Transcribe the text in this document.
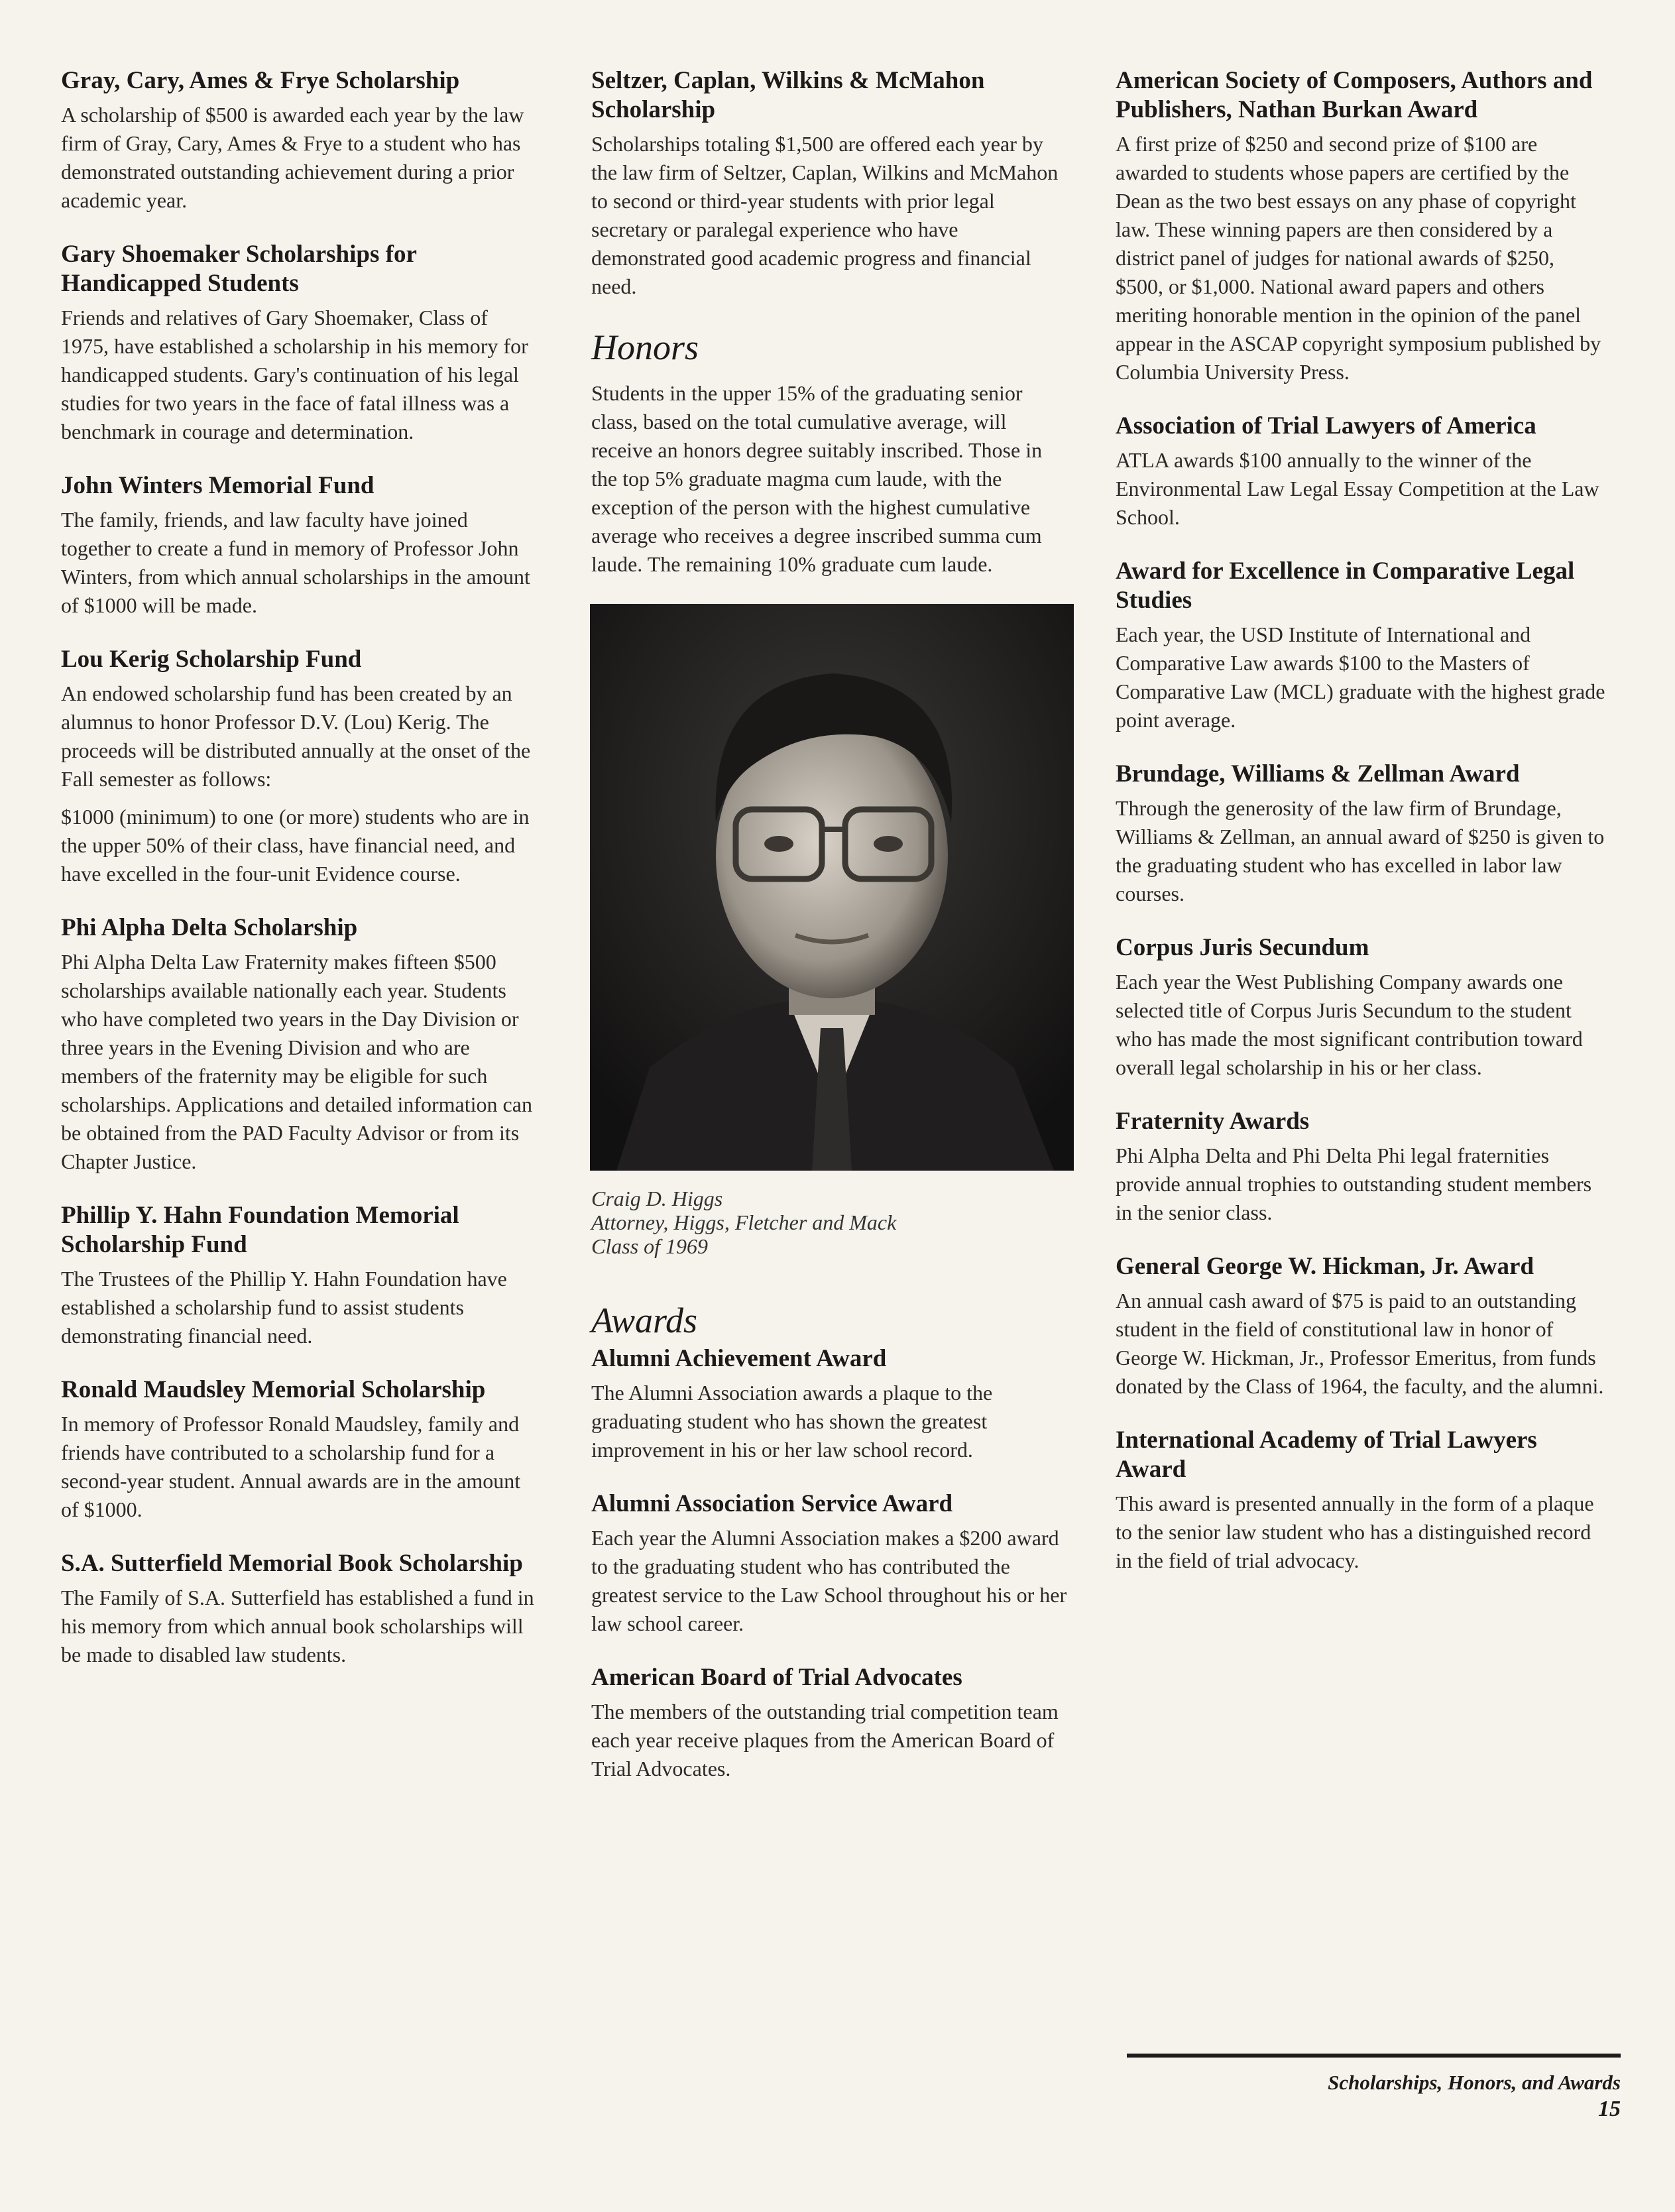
Gray, Cary, Ames & Frye Scholarship

A scholarship of $500 is awarded each year by the law firm of Gray, Cary, Ames & Frye to a student who has demonstrated outstanding achievement during a prior academic year.

Gary Shoemaker Scholarships for Handicapped Students

Friends and relatives of Gary Shoemaker, Class of 1975, have established a scholarship in his memory for handicapped students. Gary's continuation of his legal studies for two years in the face of fatal illness was a benchmark in courage and determination.

John Winters Memorial Fund

The family, friends, and law faculty have joined together to create a fund in memory of Professor John Winters, from which annual scholarships in the amount of $1000 will be made.

Lou Kerig Scholarship Fund

An endowed scholarship fund has been created by an alumnus to honor Professor D.V. (Lou) Kerig. The proceeds will be distributed annually at the onset of the Fall semester as follows:

$1000 (minimum) to one (or more) students who are in the upper 50% of their class, have financial need, and have excelled in the four-unit Evidence course.

Phi Alpha Delta Scholarship

Phi Alpha Delta Law Fraternity makes fifteen $500 scholarships available nationally each year. Students who have completed two years in the Day Division or three years in the Evening Division and who are members of the fraternity may be eligible for such scholarships. Applications and detailed information can be obtained from the PAD Faculty Advisor or from its Chapter Justice.

Phillip Y. Hahn Foundation Memorial Scholarship Fund

The Trustees of the Phillip Y. Hahn Foundation have established a scholarship fund to assist students demonstrating financial need.

Ronald Maudsley Memorial Scholarship

In memory of Professor Ronald Maudsley, family and friends have contributed to a scholarship fund for a second-year student. Annual awards are in the amount of $1000.

S.A. Sutterfield Memorial Book Scholarship

The Family of S.A. Sutterfield has established a fund in his memory from which annual book scholarships will be made to disabled law students.

Seltzer, Caplan, Wilkins & McMahon Scholarship

Scholarships totaling $1,500 are offered each year by the law firm of Seltzer, Caplan, Wilkins and McMahon to second or third-year students with prior legal secretary or paralegal experience who have demonstrated good academic progress and financial need.

Honors

Students in the upper 15% of the graduating senior class, based on the total cumulative average, will receive an honors degree suitably inscribed. Those in the top 5% graduate magma cum laude, with the exception of the person with the highest cumulative average who receives a degree inscribed summa cum laude. The remaining 10% graduate cum laude.

Craig D. Higgs

Attorney, Higgs, Fletcher and Mack

Class of 1969

Awards
Alumni Achievement Award

The Alumni Association awards a plaque to the graduating student who has shown the greatest improvement in his or her law school record.

Alumni Association Service Award

Each year the Alumni Association makes a $200 award to the graduating student who has contributed the greatest service to the Law School throughout his or her law school career.

American Board of Trial Advocates

The members of the outstanding trial competition team each year receive plaques from the American Board of Trial Advocates.

American Society of Composers, Authors and Publishers, Nathan Burkan Award

A first prize of $250 and second prize of $100 are awarded to students whose papers are certified by the Dean as the two best essays on any phase of copyright law. These winning papers are then considered by a district panel of judges for national awards of $250, $500, or $1,000. National award papers and others meriting honorable mention in the opinion of the panel appear in the ASCAP copyright symposium published by Columbia University Press.

Association of Trial Lawyers of America

ATLA awards $100 annually to the winner of the Environmental Law Legal Essay Competition at the Law School.

Award for Excellence in Comparative Legal Studies

Each year, the USD Institute of International and Comparative Law awards $100 to the Masters of Comparative Law (MCL) graduate with the highest grade point average.

Brundage, Williams & Zellman Award

Through the generosity of the law firm of Brundage, Williams & Zellman, an annual award of $250 is given to the graduating student who has excelled in labor law courses.

Corpus Juris Secundum

Each year the West Publishing Company awards one selected title of Corpus Juris Secundum to the student who has made the most significant contribution toward overall legal scholarship in his or her class.

Fraternity Awards

Phi Alpha Delta and Phi Delta Phi legal fraternities provide annual trophies to outstanding student members in the senior class.

General George W. Hickman, Jr. Award

An annual cash award of $75 is paid to an outstanding student in the field of constitutional law in honor of George W. Hickman, Jr., Professor Emeritus, from funds donated by the Class of 1964, the faculty, and the alumni.

International Academy of Trial Lawyers Award

This award is presented annually in the form of a plaque to the senior law student who has a distinguished record in the field of trial advocacy.

Scholarships, Honors, and Awards
15
